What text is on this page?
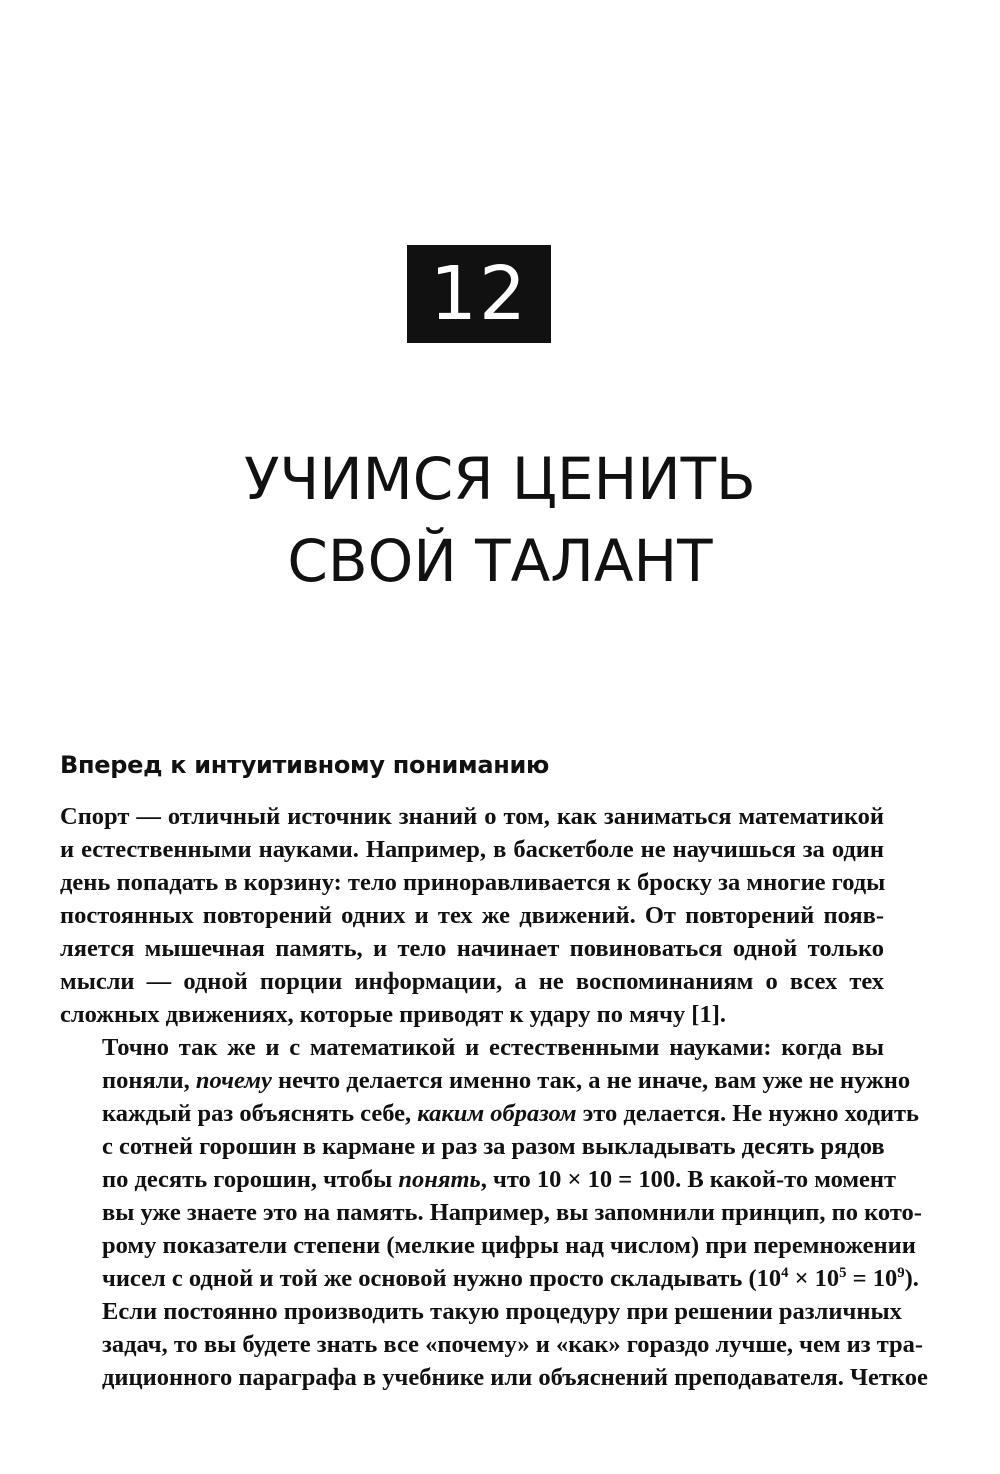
12
УЧИМСЯ ЦЕНИТЬ
СВОЙ ТАЛАНТ
Вперед к интуитивному пониманию

Спорт — отличный источник знаний о том, как заниматься математикой
и естественными науками. Например, в баскетболе не научишься за один
день попадать в корзину: тело приноравливается к броску за многие годы
постоянных повторений одних и тех же движений. От повторений появ-
ляется мышечная память, и тело начинает повиноваться одной только
мысли — одной порции информации, а не воспоминаниям о всех тех
сложных движениях, которые приводят к удару по мячу [1].

Точно так же и с математикой и естественными науками: когда вы
поняли, почему нечто делается именно так, а не иначе, вам уже не нужно
каждый раз объяснять себе, каким образом это делается. Не нужно ходить
с сотней горошин в кармане и раз за разом выкладывать десять рядов
по десять горошин, чтобы понять, что 10 × 10 = 100. В какой-то момент
вы уже знаете это на память. Например, вы запомнили принцип, по кото-
рому показатели степени (мелкие цифры над числом) при перемножении
чисел с одной и той же основой нужно просто складывать $(10^4 \times 10^5 = 10^9)$.
Если постоянно производить такую процедуру при решении различных
задач, то вы будете знать все «почему» и «как» гораздо лучше, чем из тра-
диционного параграфа в учебнике или объяснений преподавателя. Четкое
